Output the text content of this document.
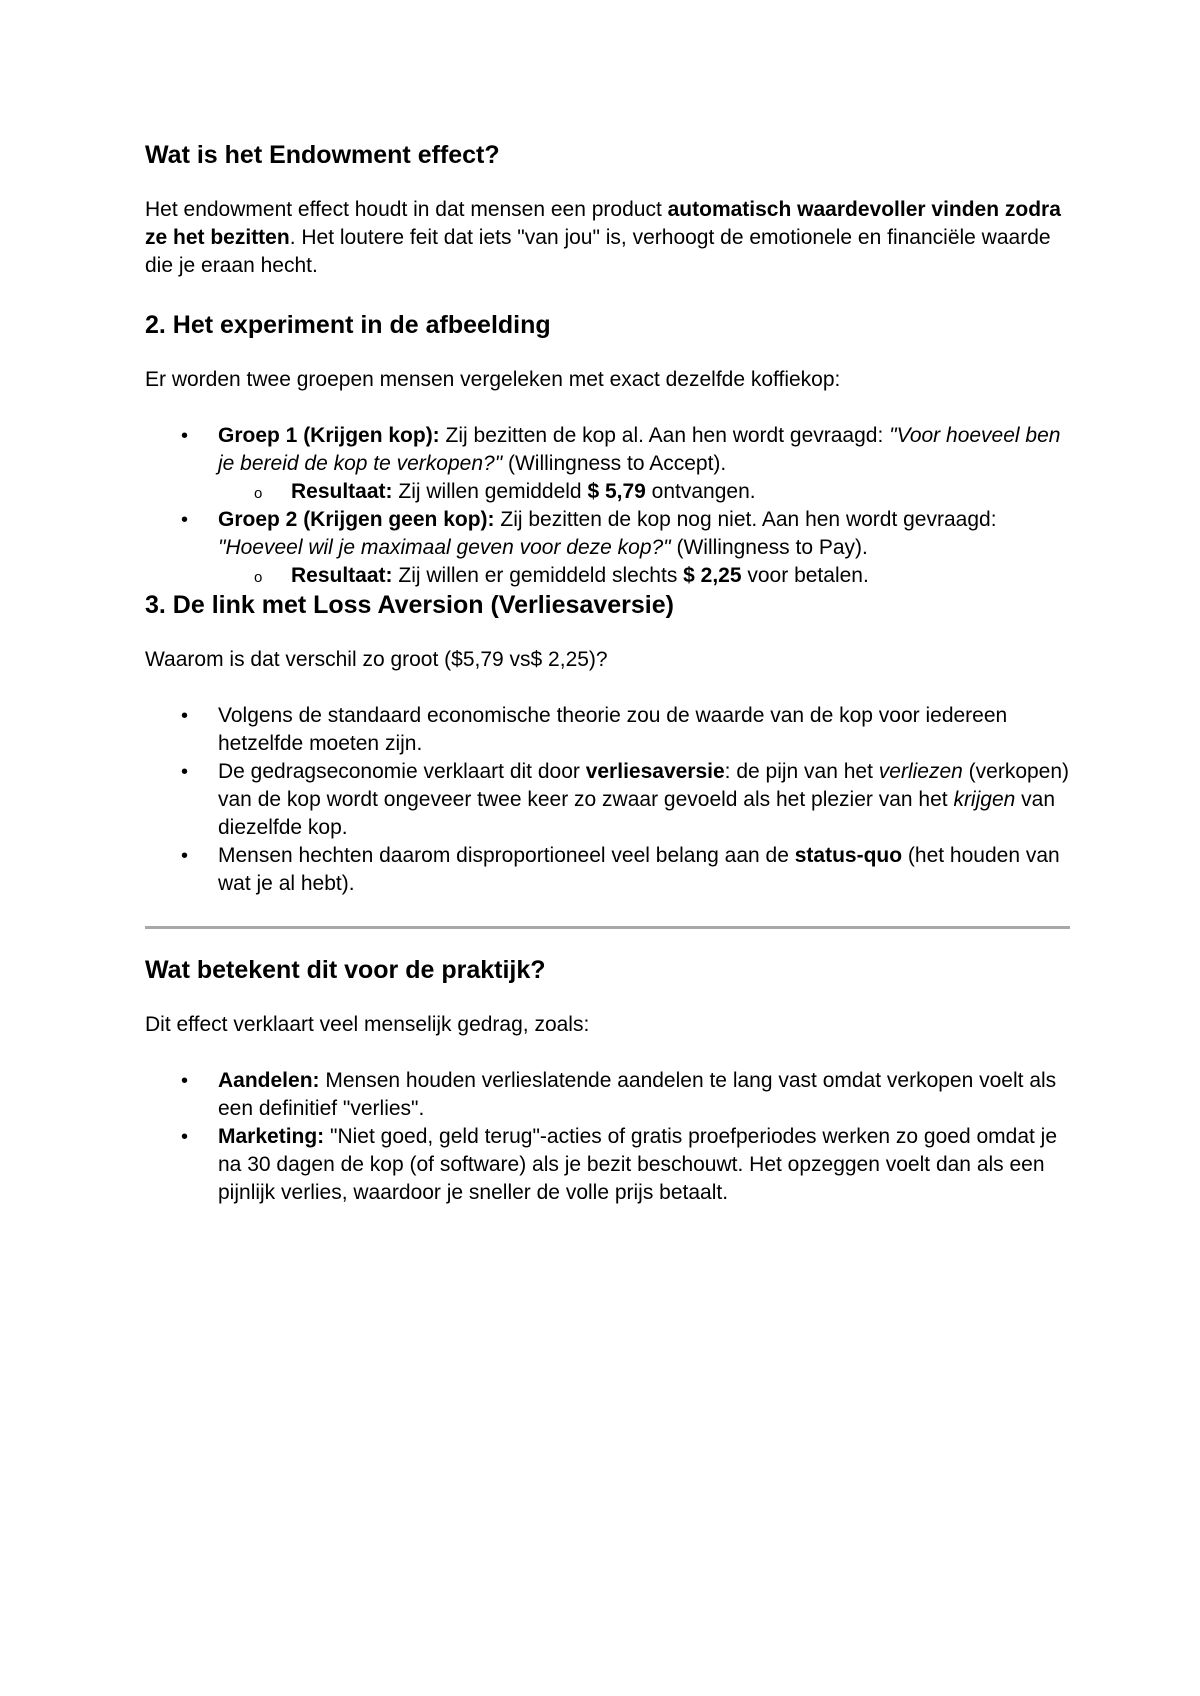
Wat is het Endowment effect?

Het endowment effect houdt in dat mensen een product automatisch waardevoller vinden zodra ze het bezitten. Het loutere feit dat iets "van jou" is, verhoogt de emotionele en financiële waarde die je eraan hecht.

2. Het experiment in de afbeelding

Er worden twee groepen mensen vergeleken met exact dezelfde koffiekop:

• Groep 1 (Krijgen kop): Zij bezitten de kop al. Aan hen wordt gevraagd: "Voor hoeveel ben je bereid de kop te verkopen?" (Willingness to Accept).
o Resultaat: Zij willen gemiddeld $ 5,79 ontvangen.
• Groep 2 (Krijgen geen kop): Zij bezitten de kop nog niet. Aan hen wordt gevraagd: "Hoeveel wil je maximaal geven voor deze kop?" (Willingness to Pay).
o Resultaat: Zij willen er gemiddeld slechts $ 2,25 voor betalen.
3. De link met Loss Aversion (Verliesaversie)

Waarom is dat verschil zo groot ($5,79 vs$ 2,25)?

• Volgens de standaard economische theorie zou de waarde van de kop voor iedereen hetzelfde moeten zijn.
• De gedragseconomie verklaart dit door verliesaversie: de pijn van het verliezen (verkopen) van de kop wordt ongeveer twee keer zo zwaar gevoeld als het plezier van het krijgen van diezelfde kop.
• Mensen hechten daarom disproportioneel veel belang aan de status-quo (het houden van wat je al hebt).
Wat betekent dit voor de praktijk?

Dit effect verklaart veel menselijk gedrag, zoals:

• Aandelen: Mensen houden verlieslatende aandelen te lang vast omdat verkopen voelt als een definitief "verlies".
• Marketing: "Niet goed, geld terug"-acties of gratis proefperiodes werken zo goed omdat je na 30 dagen de kop (of software) als je bezit beschouwt. Het opzeggen voelt dan als een pijnlijk verlies, waardoor je sneller de volle prijs betaalt.
